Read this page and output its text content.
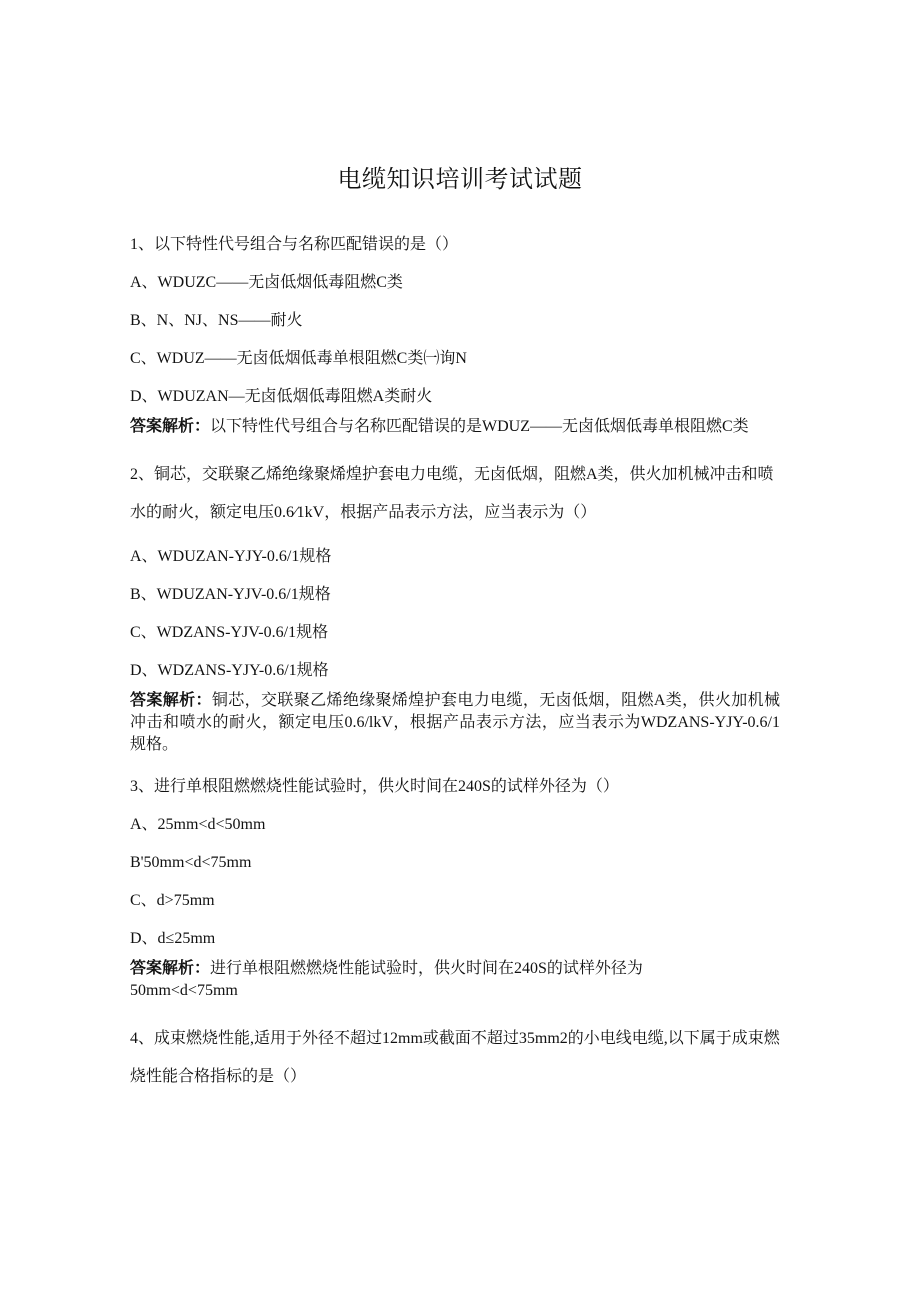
电缆知识培训考试试题

1、以下特性代号组合与名称匹配错误的是（）

A、WDUZC——无卤低烟低毒阻燃C类

B、N、NJ、NS——耐火

C、WDUZ——无卤低烟低毒单根阻燃C类㈠询N

D、WDUZAN—无卤低烟低毒阻燃A类耐火

答案解析：以下特性代号组合与名称匹配错误的是WDUZ——无卤低烟低毒单根阻燃C类

2、铜芯，交联聚乙烯绝缘聚烯煌护套电力电缆，无卤低烟，阻燃A类，供火加机械冲击和喷水的耐火，额定电压0.6⁄1kV，根据产品表示方法，应当表示为（）

A、WDUZAN-YJY-0.6/1规格

B、WDUZAN-YJV-0.6/1规格

C、WDZANS-YJV-0.6/1规格

D、WDZANS-YJY-0.6/1规格

答案解析：铜芯，交联聚乙烯绝缘聚烯煌护套电力电缆，无卤低烟，阻燃A类，供火加机械冲击和喷水的耐火，额定电压0.6/lkV，根据产品表示方法，应当表示为WDZANS-YJY-0.6/1规格。

3、进行单根阻燃燃烧性能试验时，供火时间在240S的试样外径为（）

A、25mm<d<50mm

B'50mm<d<75mm

C、d>75mm

D、d≤25mm

答案解析：进行单根阻燃燃烧性能试验时，供火时间在240S的试样外径为
50mm<d<75mm

4、成束燃烧性能,适用于外径不超过12mm或截面不超过35mm2的小电线电缆,以下属于成束燃烧性能合格指标的是（）
